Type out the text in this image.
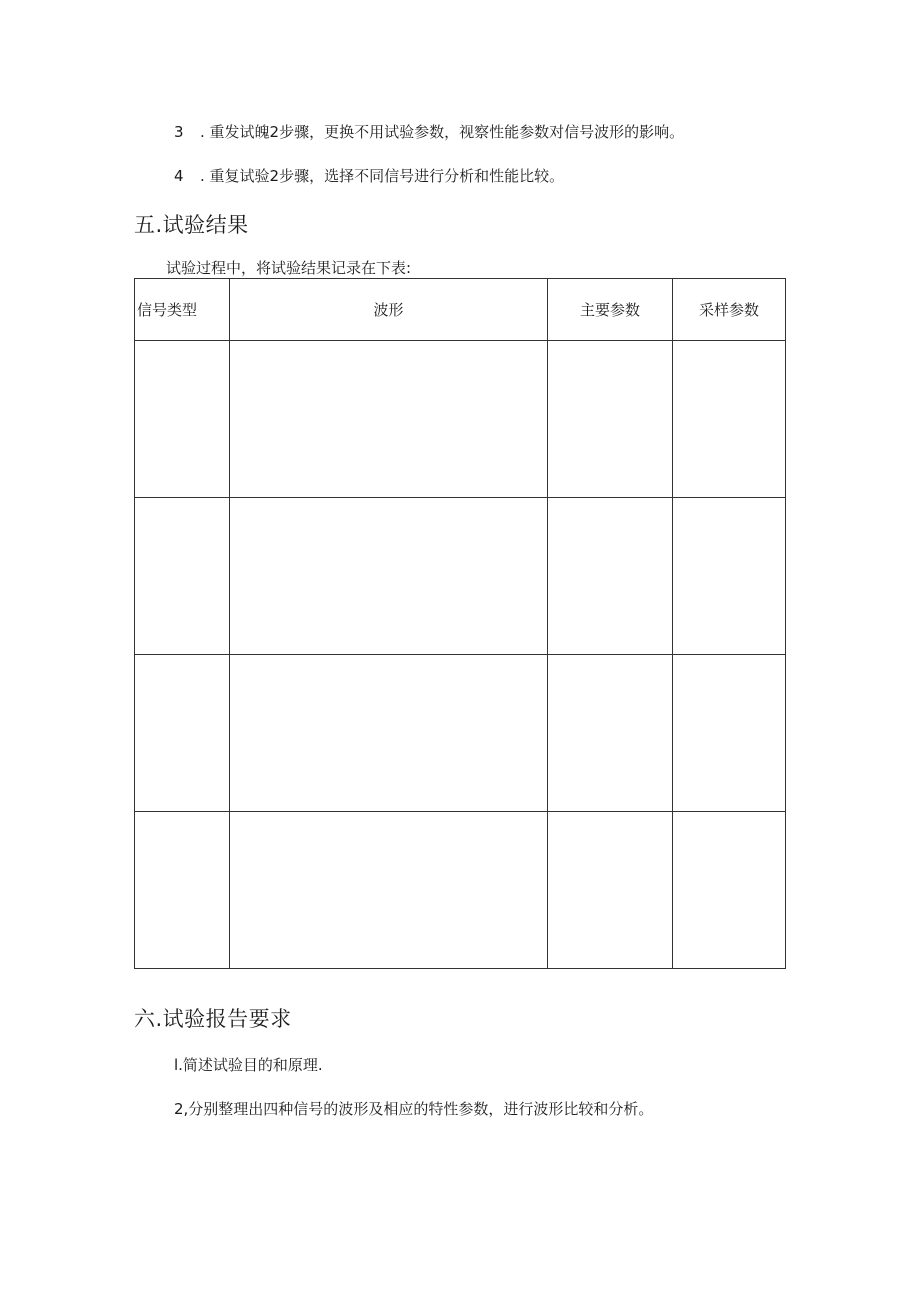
3 . 重发试魄2步骤，更换不用试验参数，视察性能参数对信号波形的影响。
4 . 重复试验2步骤，选择不同信号进行分析和性能比较。
五.试验结果
试验过程中，将试验结果记录在下表:
信号类型	波形	主要参数	采样参数

六.试验报告要求
l.简述试验目的和原理.
2,分别整理出四种信号的波形及相应的特性参数，进行波形比较和分析。
